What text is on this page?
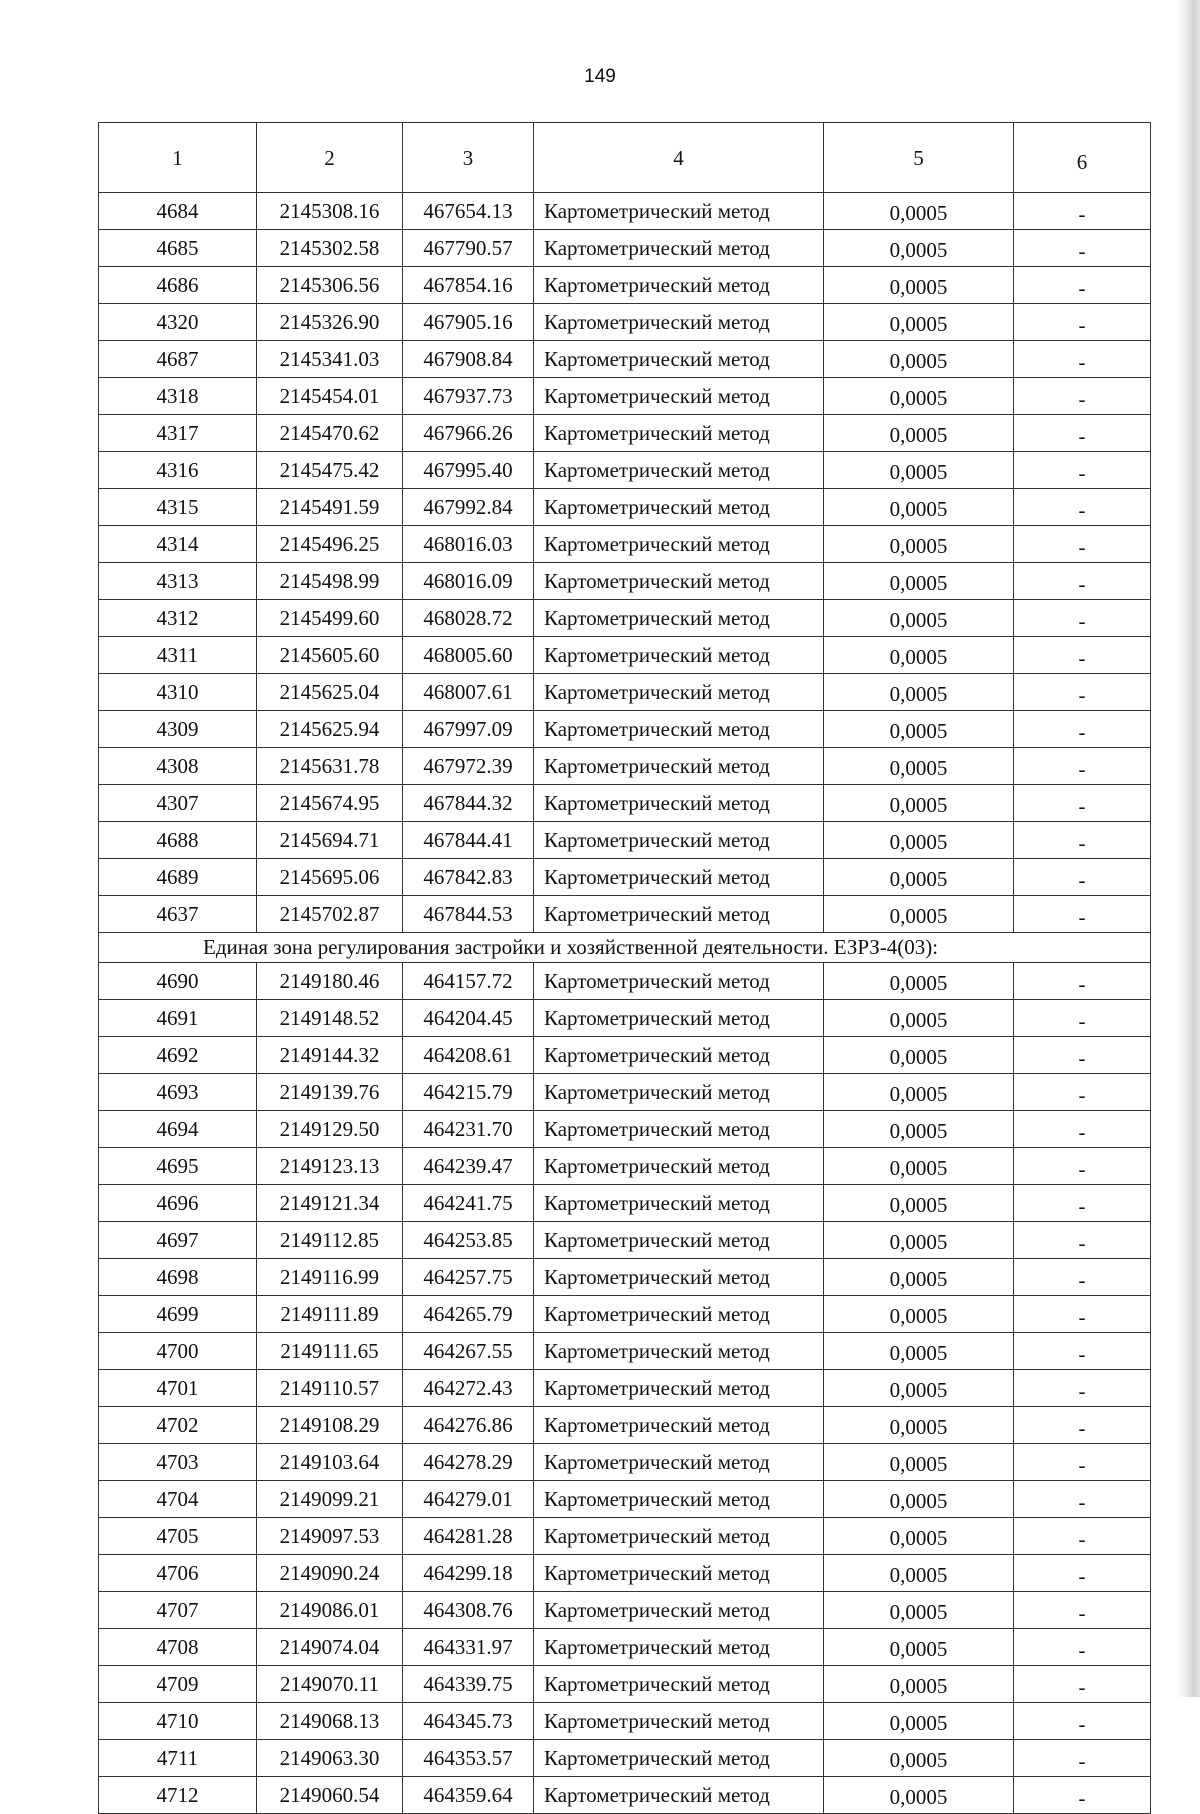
149
1	2	3	4	5	6
4684	2145308.16	467654.13	Картометрический метод	0,0005	-
4685	2145302.58	467790.57	Картометрический метод	0,0005	-
4686	2145306.56	467854.16	Картометрический метод	0,0005	-
4320	2145326.90	467905.16	Картометрический метод	0,0005	-
4687	2145341.03	467908.84	Картометрический метод	0,0005	-
4318	2145454.01	467937.73	Картометрический метод	0,0005	-
4317	2145470.62	467966.26	Картометрический метод	0,0005	-
4316	2145475.42	467995.40	Картометрический метод	0,0005	-
4315	2145491.59	467992.84	Картометрический метод	0,0005	-
4314	2145496.25	468016.03	Картометрический метод	0,0005	-
4313	2145498.99	468016.09	Картометрический метод	0,0005	-
4312	2145499.60	468028.72	Картометрический метод	0,0005	-
4311	2145605.60	468005.60	Картометрический метод	0,0005	-
4310	2145625.04	468007.61	Картометрический метод	0,0005	-
4309	2145625.94	467997.09	Картометрический метод	0,0005	-
4308	2145631.78	467972.39	Картометрический метод	0,0005	-
4307	2145674.95	467844.32	Картометрический метод	0,0005	-
4688	2145694.71	467844.41	Картометрический метод	0,0005	-
4689	2145695.06	467842.83	Картометрический метод	0,0005	-
4637	2145702.87	467844.53	Картометрический метод	0,0005	-
Единая зона регулирования застройки и хозяйственной деятельности. ЕЗРЗ-4(03):					
4690	2149180.46	464157.72	Картометрический метод	0,0005	-
4691	2149148.52	464204.45	Картометрический метод	0,0005	-
4692	2149144.32	464208.61	Картометрический метод	0,0005	-
4693	2149139.76	464215.79	Картометрический метод	0,0005	-
4694	2149129.50	464231.70	Картометрический метод	0,0005	-
4695	2149123.13	464239.47	Картометрический метод	0,0005	-
4696	2149121.34	464241.75	Картометрический метод	0,0005	-
4697	2149112.85	464253.85	Картометрический метод	0,0005	-
4698	2149116.99	464257.75	Картометрический метод	0,0005	-
4699	2149111.89	464265.79	Картометрический метод	0,0005	-
4700	2149111.65	464267.55	Картометрический метод	0,0005	-
4701	2149110.57	464272.43	Картометрический метод	0,0005	-
4702	2149108.29	464276.86	Картометрический метод	0,0005	-
4703	2149103.64	464278.29	Картометрический метод	0,0005	-
4704	2149099.21	464279.01	Картометрический метод	0,0005	-
4705	2149097.53	464281.28	Картометрический метод	0,0005	-
4706	2149090.24	464299.18	Картометрический метод	0,0005	-
4707	2149086.01	464308.76	Картометрический метод	0,0005	-
4708	2149074.04	464331.97	Картометрический метод	0,0005	-
4709	2149070.11	464339.75	Картометрический метод	0,0005	-
4710	2149068.13	464345.73	Картометрический метод	0,0005	-
4711	2149063.30	464353.57	Картометрический метод	0,0005	-
4712	2149060.54	464359.64	Картометрический метод	0,0005	-
